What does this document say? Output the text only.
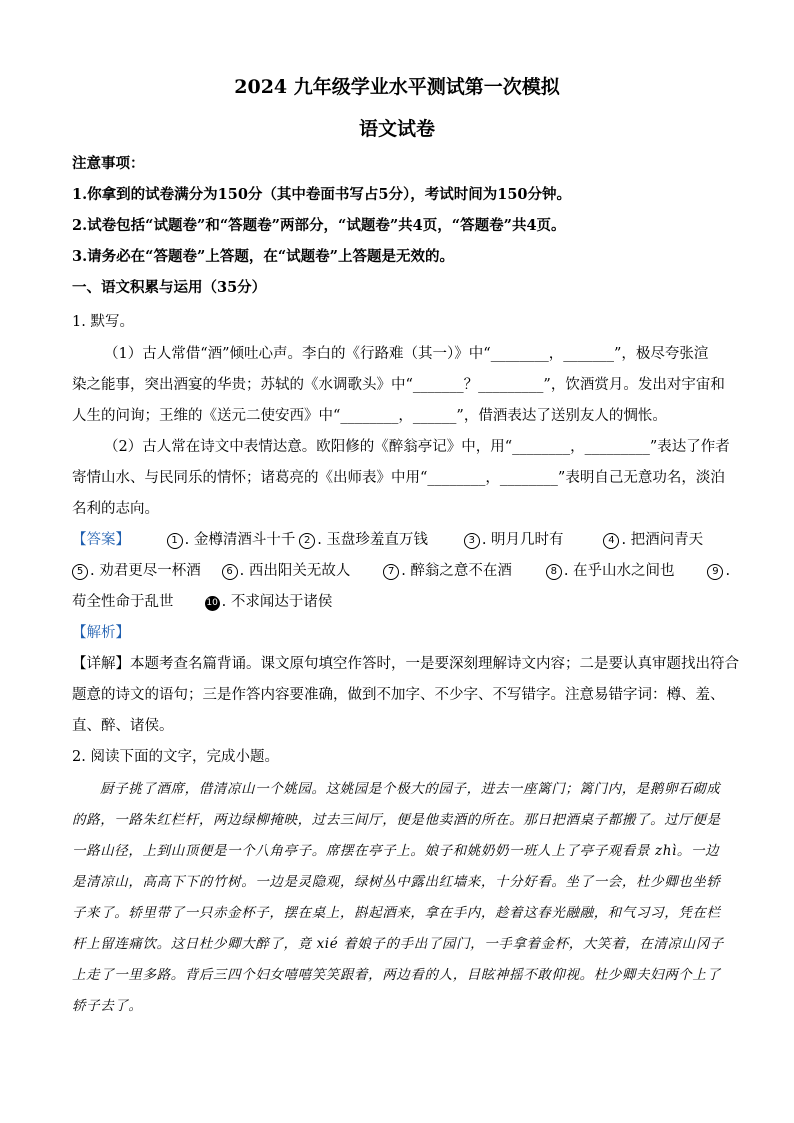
2024 九年级学业水平测试第一次模拟
语文试卷
注意事项：
1.你拿到的试卷满分为150分（其中卷面书写占5分），考试时间为150分钟。
2.试卷包括“试题卷”和“答题卷”两部分，“试题卷”共4页，“答题卷”共4页。
3.请务必在“答题卷”上答题，在“试题卷”上答题是无效的。
一、语文积累与运用（35分）
1. 默写。
（1）古人常借“酒”倾吐心声。李白的《行路难（其一）》中“________，_______”，极尽夸张渲
染之能事，突出酒宴的华贵；苏轼的《水调歌头》中“_______？_________”，饮酒赏月。发出对宇宙和
人生的问询；王维的《送元二使安西》中“________，______”，借酒表达了送别友人的惆怅。
（2）古人常在诗文中表情达意。欧阳修的《醉翁亭记》中，用“________，_________”表达了作者
寄情山水、与民同乐的情怀；诸葛亮的《出师表》中用“________，________”表明自己无意功名，淡泊
名利的志向。
【答案】	1 . 金樽清酒斗十千 2 . 玉盘珍羞直万钱	3 . 明月几时有	4 . 把酒问青天
5 . 劝君更尽一杯酒	6 . 西出阳关无故人	7 . 醉翁之意不在酒	8 . 在乎山水之间也	9 .
苟全性命于乱世	10 . 不求闻达于诸侯
【解析】
【详解】本题考查名篇背诵。课文原句填空作答时，一是要深刻理解诗文内容；二是要认真审题找出符合
题意的诗文的语句；三是作答内容要准确，做到不加字、不少字、不写错字。注意易错字词：樽、羞、
直、醉、诸侯。
2. 阅读下面的文字，完成小题。
厨子挑了酒席，借清凉山一个姚园。这姚园是个极大的园子，进去一座篱门；篱门内，是鹅卵石砌成
的路，一路朱红栏杆，两边绿柳掩映，过去三间厅，便是他卖酒的所在。那日把酒桌子都搬了。过厅便是
一路山径，上到山顶便是一个八角亭子。席摆在亭子上。娘子和姚奶奶一班人上了亭子观看景 zhì。一边
是清凉山，高高下下的竹树。一边是灵隐观，绿树丛中露出红墙来，十分好看。坐了一会，杜少卿也坐轿
子来了。轿里带了一只赤金杯子，摆在桌上，斟起酒来，拿在手内，趁着这春光融融，和气习习，凭在栏
杆上留连痛饮。这日杜少卿大醉了，竟 xié 着娘子的手出了园门，一手拿着金杯，大笑着，在清凉山冈子
上走了一里多路。背后三四个妇女嘻嘻笑笑跟着，两边看的人，目眩神摇不敢仰视。杜少卿夫妇两个上了
轿子去了。
